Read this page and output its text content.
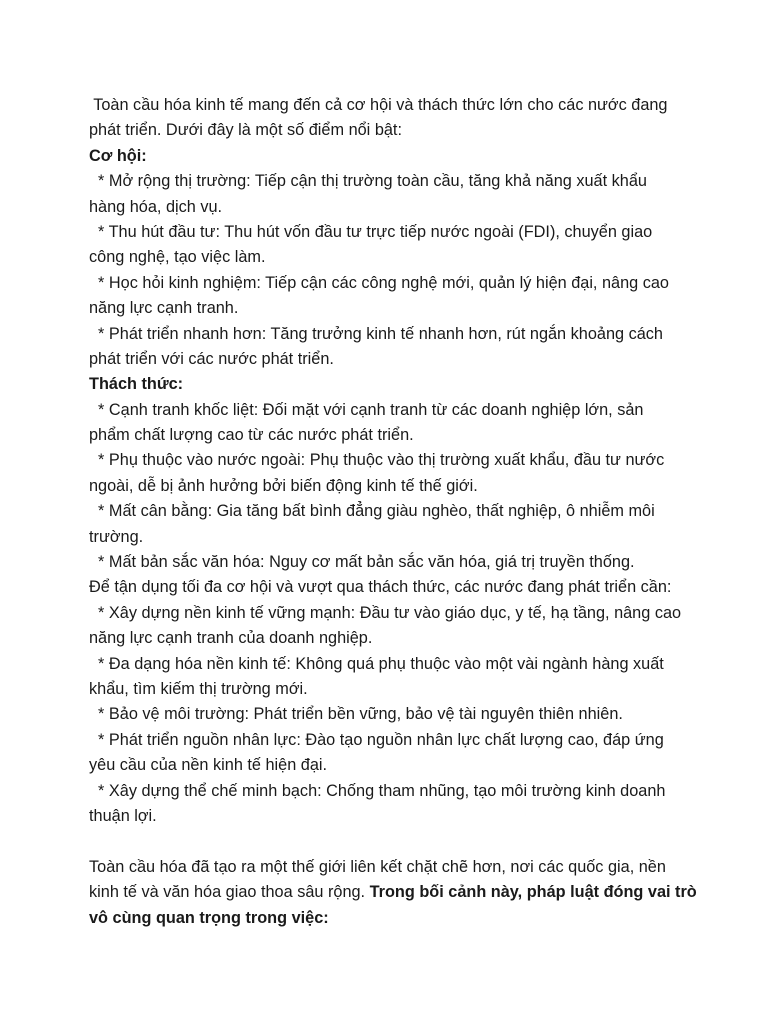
Toàn cầu hóa kinh tế mang đến cả cơ hội và thách thức lớn cho các nước đang
phát triển. Dưới đây là một số điểm nổi bật:
Cơ hội:
* Mở rộng thị trường: Tiếp cận thị trường toàn cầu, tăng khả năng xuất khẩu
hàng hóa, dịch vụ.
* Thu hút đầu tư: Thu hút vốn đầu tư trực tiếp nước ngoài (FDI), chuyển giao
công nghệ, tạo việc làm.
* Học hỏi kinh nghiệm: Tiếp cận các công nghệ mới, quản lý hiện đại, nâng cao
năng lực cạnh tranh.
* Phát triển nhanh hơn: Tăng trưởng kinh tế nhanh hơn, rút ngắn khoảng cách
phát triển với các nước phát triển.
Thách thức:
* Cạnh tranh khốc liệt: Đối mặt với cạnh tranh từ các doanh nghiệp lớn, sản
phẩm chất lượng cao từ các nước phát triển.
* Phụ thuộc vào nước ngoài: Phụ thuộc vào thị trường xuất khẩu, đầu tư nước
ngoài, dễ bị ảnh hưởng bởi biến động kinh tế thế giới.
* Mất cân bằng: Gia tăng bất bình đẳng giàu nghèo, thất nghiệp, ô nhiễm môi
trường.
* Mất bản sắc văn hóa: Nguy cơ mất bản sắc văn hóa, giá trị truyền thống.
Để tận dụng tối đa cơ hội và vượt qua thách thức, các nước đang phát triển cần:
* Xây dựng nền kinh tế vững mạnh: Đầu tư vào giáo dục, y tế, hạ tầng, nâng cao
năng lực cạnh tranh của doanh nghiệp.
* Đa dạng hóa nền kinh tế: Không quá phụ thuộc vào một vài ngành hàng xuất
khẩu, tìm kiếm thị trường mới.
* Bảo vệ môi trường: Phát triển bền vững, bảo vệ tài nguyên thiên nhiên.
* Phát triển nguồn nhân lực: Đào tạo nguồn nhân lực chất lượng cao, đáp ứng
yêu cầu của nền kinh tế hiện đại.
* Xây dựng thể chế minh bạch: Chống tham nhũng, tạo môi trường kinh doanh
thuận lợi.
Toàn cầu hóa đã tạo ra một thế giới liên kết chặt chẽ hơn, nơi các quốc gia, nền
kinh tế và văn hóa giao thoa sâu rộng. Trong bối cảnh này, pháp luật đóng vai trò
vô cùng quan trọng trong việc:
